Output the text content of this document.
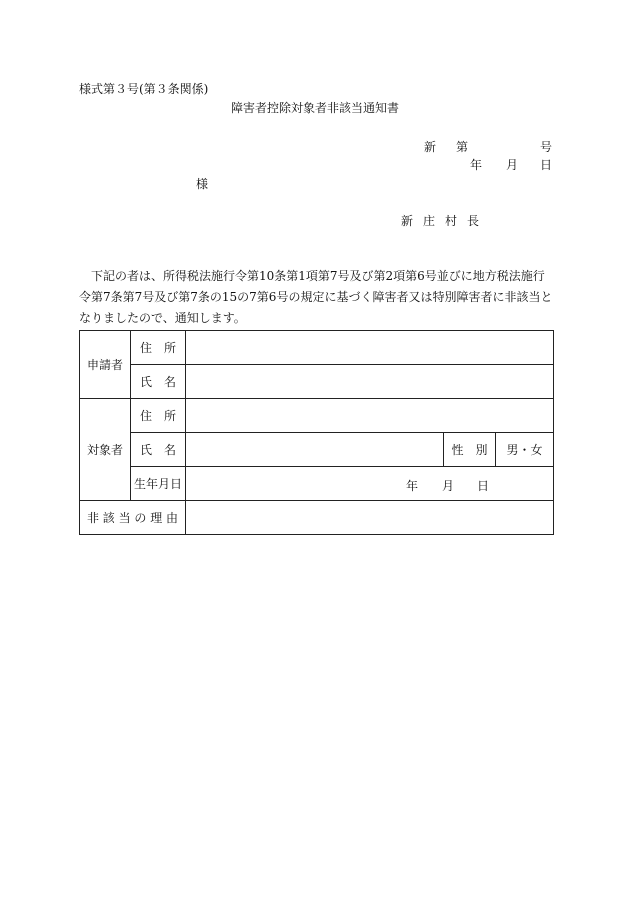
様式第３号(第３条関係)
障害者控除対象者非該当通知書
新 第	号
年 月 日
様
新庄村長
下記の者は、所得税法施行令第10条第1項第7号及び第2項第6号並びに地方税法施行令第7条第7号及び第7条の15の7第6号の規定に基づく障害者又は特別障害者に非該当となりましたので、通知します。
申請者	住　所			
	氏　名			
対象者	住　所			
	氏　名		性　別	男・女
	生年月日	年 月 日		

非 該 当 の 理 由				
